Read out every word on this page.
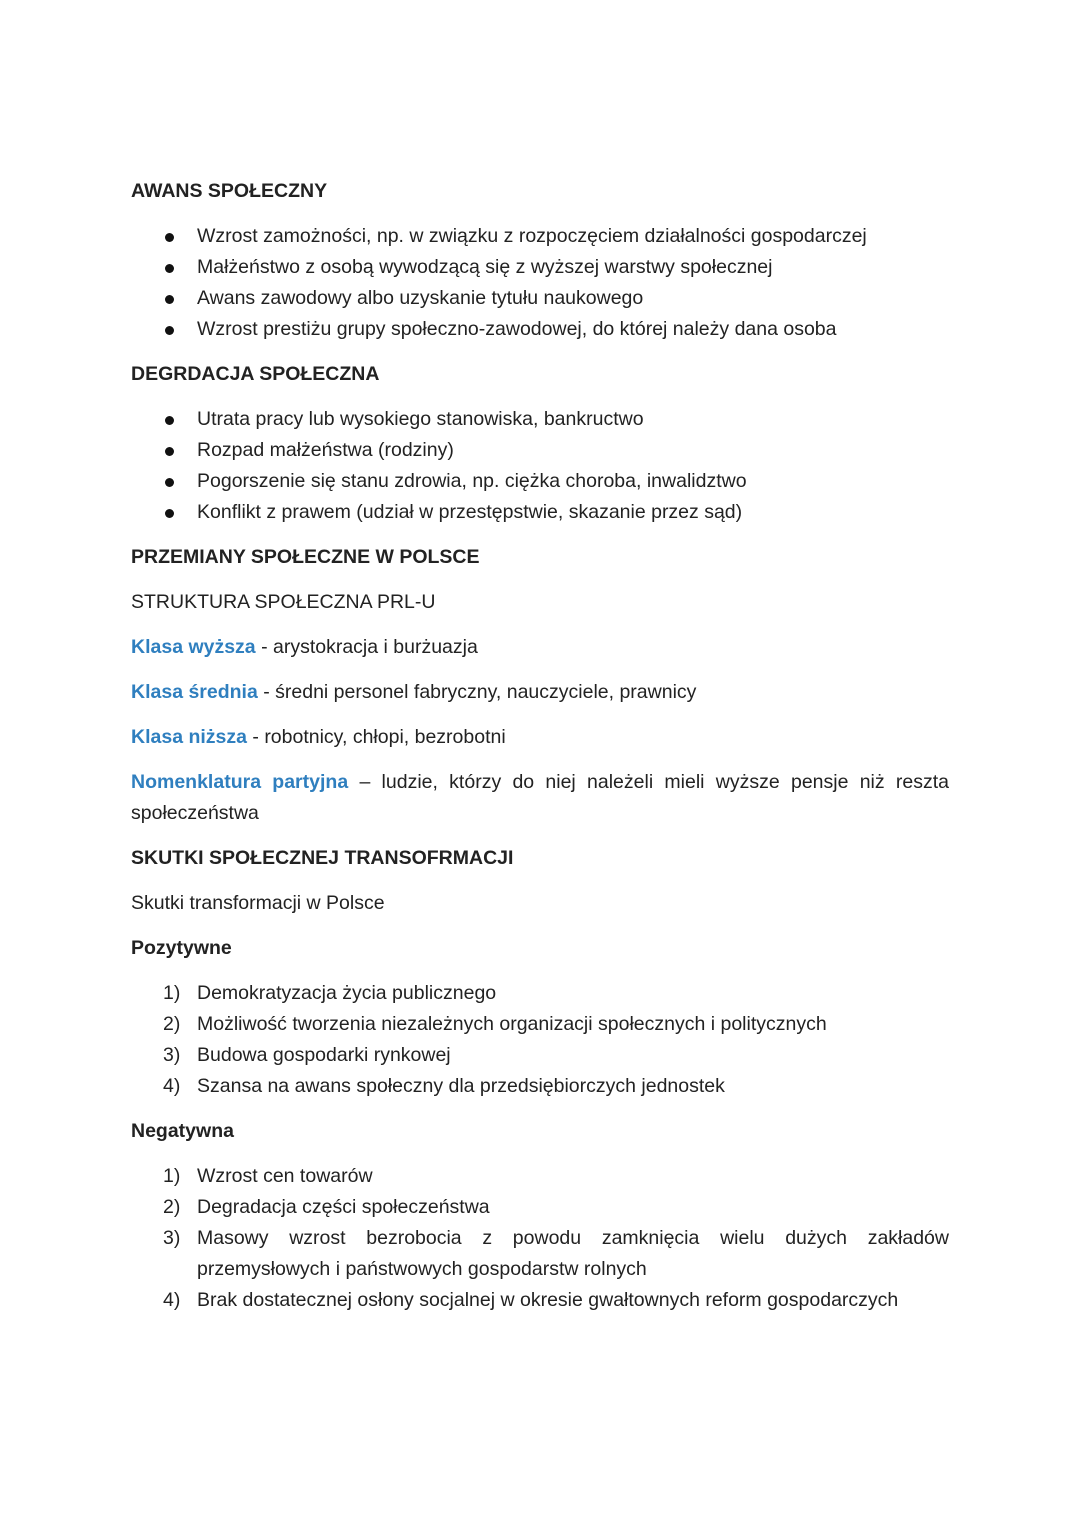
AWANS SPOŁECZNY

Wzrost zamożności, np. w związku z rozpoczęciem działalności gospodarczej
Małżeństwo z osobą wywodzącą się z wyższej warstwy społecznej
Awans zawodowy albo uzyskanie tytułu naukowego
Wzrost prestiżu grupy społeczno-zawodowej, do której należy dana osoba

DEGRDACJA SPOŁECZNA

Utrata pracy lub wysokiego stanowiska, bankructwo
Rozpad małżeństwa (rodziny)
Pogorszenie się stanu zdrowia, np. ciężka choroba, inwalidztwo
Konflikt z prawem (udział w przestępstwie, skazanie przez sąd)

PRZEMIANY SPOŁECZNE W POLSCE

STRUKTURA SPOŁECZNA PRL-U

Klasa wyższa - arystokracja i burżuazja

Klasa średnia - średni personel fabryczny, nauczyciele, prawnicy

Klasa niższa - robotnicy, chłopi, bezrobotni

Nomenklatura partyjna – ludzie, którzy do niej należeli mieli wyższe pensje niż reszta społeczeństwa

SKUTKI SPOŁECZNEJ TRANSOFRMACJI

Skutki transformacji w Polsce

Pozytywne

1) Demokratyzacja życia publicznego
2) Możliwość tworzenia niezależnych organizacji społecznych i politycznych
3) Budowa gospodarki rynkowej
4) Szansa na awans społeczny dla przedsiębiorczych jednostek

Negatywna

1) Wzrost cen towarów
2) Degradacja części społeczeństwa
3) Masowy wzrost bezrobocia z powodu zamknięcia wielu dużych zakładów przemysłowych i państwowych gospodarstw rolnych
4) Brak dostatecznej osłony socjalnej w okresie gwałtownych reform gospodarczych
